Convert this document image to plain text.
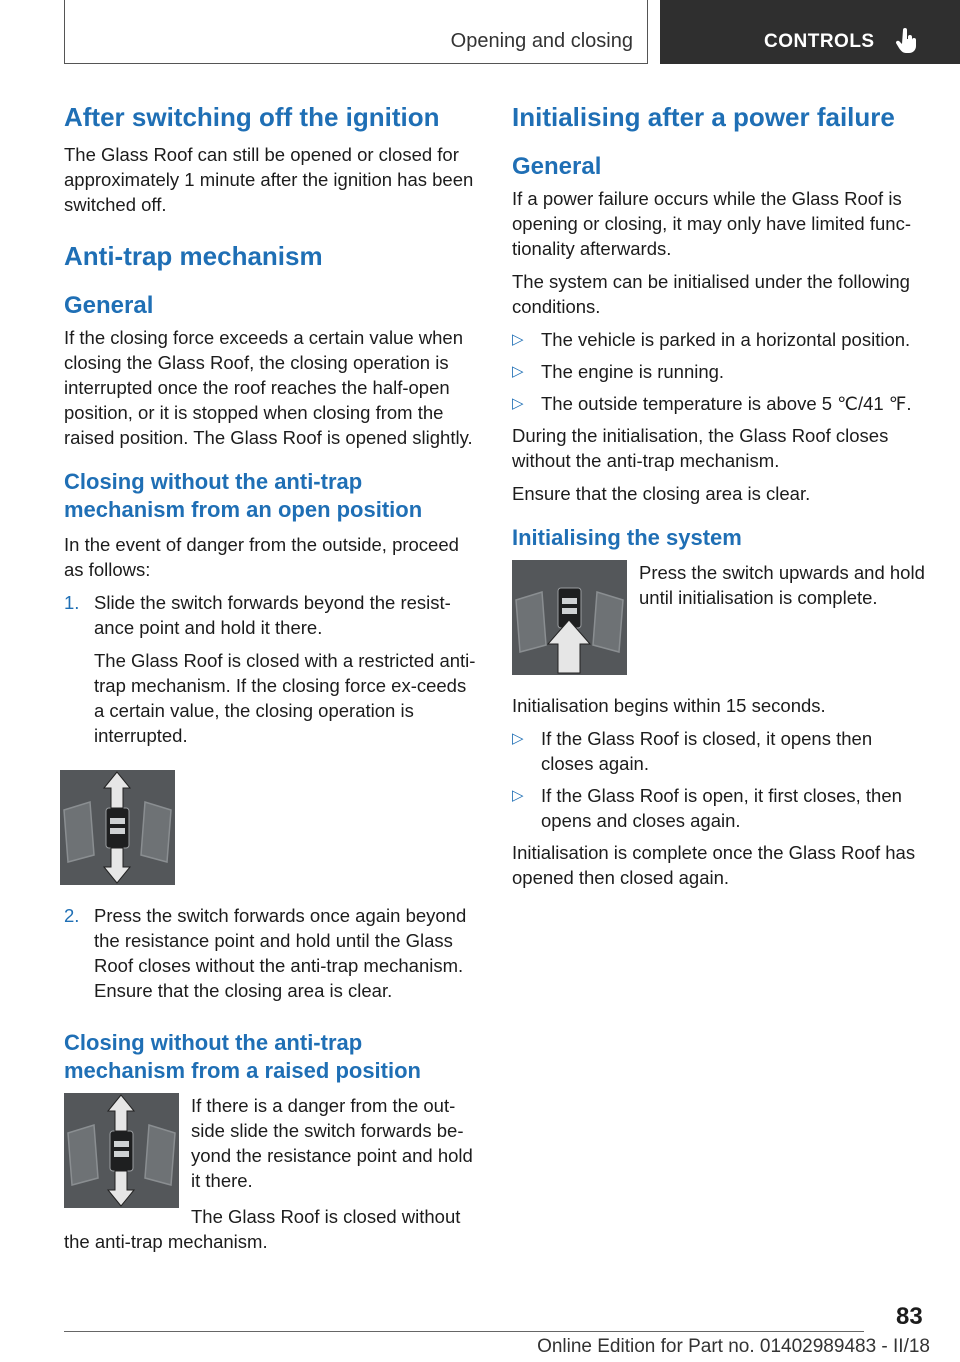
Opening and closing	CONTROLS
After switching off the ignition

The Glass Roof can still be opened or closed for approximately 1 minute after the ignition has been switched off.

Anti-trap mechanism
General

If the closing force exceeds a certain value when closing the Glass Roof, the closing operation is interrupted once the roof reaches the half-open position, or it is stopped when closing from the raised position. The Glass Roof is opened slightly.

Closing without the anti-trap mechanism from an open position

In the event of danger from the outside, proceed as follows:

1. Slide the switch forwards beyond the resist-ance point and hold it there.

The Glass Roof is closed with a restricted anti-trap mechanism. If the closing force ex-ceeds a certain value, the closing operation is interrupted.

2. Press the switch forwards once again beyond the resistance point and hold until the Glass Roof closes without the anti-trap mechanism. Ensure that the closing area is clear.

Closing without the anti-trap mechanism from a raised position

If there is a danger from the out-side slide the switch forwards be-yond the resistance point and hold it there.

The Glass Roof is closed without the anti-trap mechanism.

Initialising after a power failure
General

If a power failure occurs while the Glass Roof is opening or closing, it may only have limited func-tionality afterwards.

The system can be initialised under the following conditions.

▷ The vehicle is parked in a horizontal position.
▷ The engine is running.
▷ The outside temperature is above 5 ℃/41 ℉.

During the initialisation, the Glass Roof closes without the anti-trap mechanism.

Ensure that the closing area is clear.

Initialising the system

Press the switch upwards and hold until initialisation is complete.

Initialisation begins within 15 seconds.

▷ If the Glass Roof is closed, it opens then closes again.
▷ If the Glass Roof is open, it first closes, then opens and closes again.

Initialisation is complete once the Glass Roof has opened then closed again.

83
Online Edition for Part no. 01402989483 - II/18
